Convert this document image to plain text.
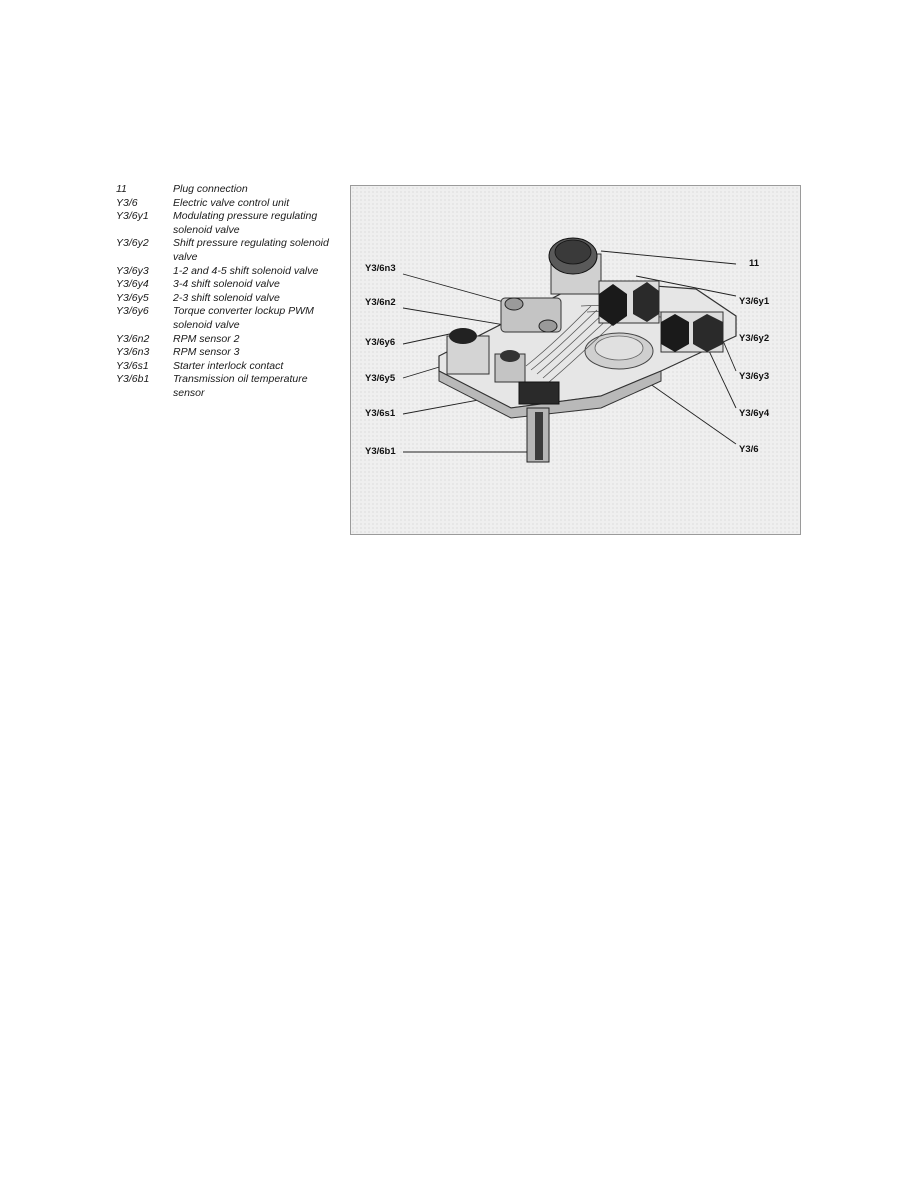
11	Plug connection
Y3/6	Electric valve control unit
Y3/6y1	Modulating pressure regulating solenoid valve
Y3/6y2	Shift pressure regulating solenoid valve
Y3/6y3	1-2 and 4-5 shift solenoid valve
Y3/6y4	3-4 shift solenoid valve
Y3/6y5	2-3 shift solenoid valve
Y3/6y6	Torque converter lockup PWM solenoid valve
Y3/6n2	RPM sensor 2
Y3/6n3	RPM sensor 3
Y3/6s1	Starter interlock contact
Y3/6b1	Transmission oil temperature sensor
Y3/6n3
Y3/6n2
Y3/6y6
Y3/6y5
Y3/6s1
Y3/6b1
11
Y3/6y1
Y3/6y2
Y3/6y3
Y3/6y4
Y3/6
